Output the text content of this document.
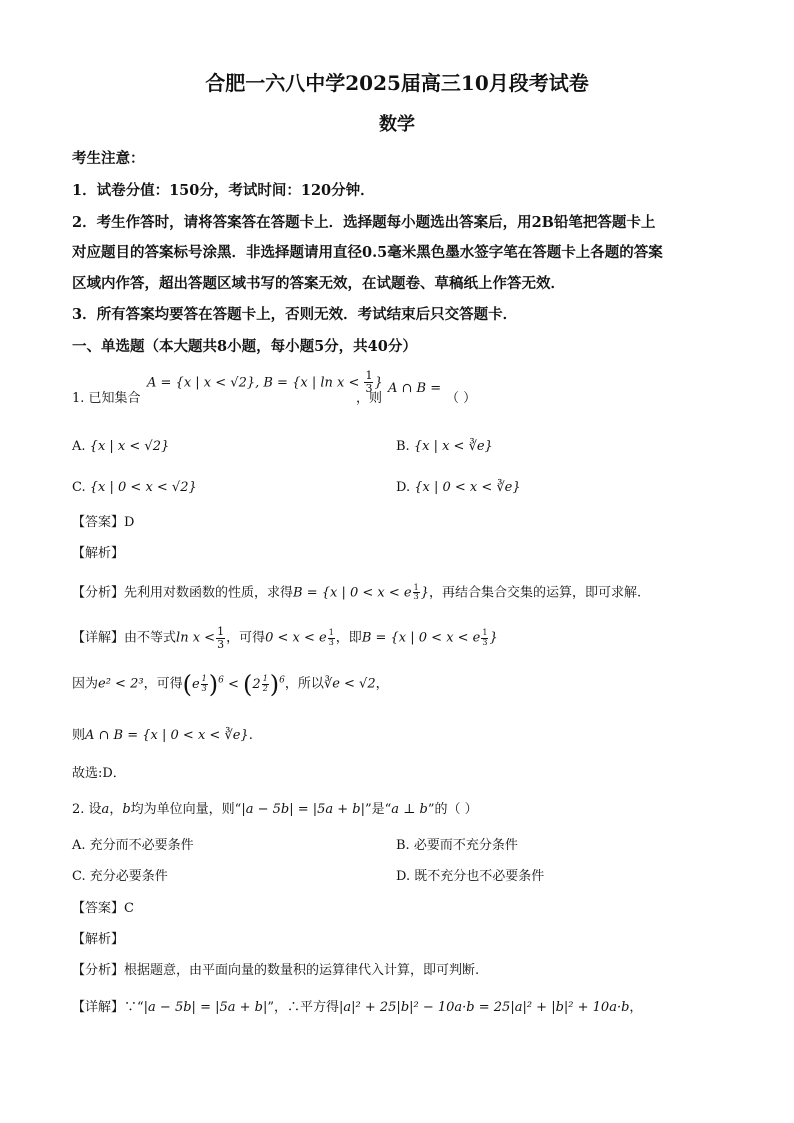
合肥一六八中学2025届高三10月段考试卷
数学
考生注意：
1．试卷分值：150分，考试时间：120分钟．
2．考生作答时，请将答案答在答题卡上．选择题每小题选出答案后，用2B铅笔把答题卡上
对应题目的答案标号涂黑．非选择题请用直径0.5毫米黑色墨水签字笔在答题卡上各题的答案
区域内作答，超出答题区域书写的答案无效，在试题卷、草稿纸上作答无效．
3．所有答案均要答在答题卡上，否则无效．考试结束后只交答题卡．
一、单选题（本大题共8小题，每小题5分，共40分）
1. 已知集合
A = {x | x < √2}, B = {x | $\ln x < \frac{1}{3}$ }
，则
A ∩ B =
（ ）
A. {x | x < √2}	B. {x | x < ∛e}
C. {x | 0 < x < √2}	D. {x | 0 < x < ∛e}
【答案】D
【解析】
【分析】先利用对数函数的性质，求得B = {x | 0 < x < e $\frac{1}{3}$ }，再结合集合交集的运算，即可求解.
【详解】由不等式$\ln x < \frac{1}{3}$ ，可得0 < x < e $\frac{1}{3}$ ，即B = {x | 0 < x < e $\frac{1}{3}$ }
因为e² < 2³，可得$(e \frac{1}{3} )^6 < (2 \frac{1}{2} )^6$，所以∛e < √2，
则A ∩ B = {x | 0 < x < ∛e}.
故选:D．
2. 设a，b均为单位向量，则“|a − 5b| = |5a + b|”是“a ⊥ b”的（ ）
A. 充分而不必要条件	B. 必要而不充分条件
C. 充分必要条件	D. 既不充分也不必要条件
【答案】C
【解析】
【分析】根据题意，由平面向量的数量积的运算律代入计算，即可判断.
【详解】∵“|a − 5b| = |5a + b|”，∴平方得|a|² + 25|b|² − 10a·b = 25|a|² + |b|² + 10a·b，
